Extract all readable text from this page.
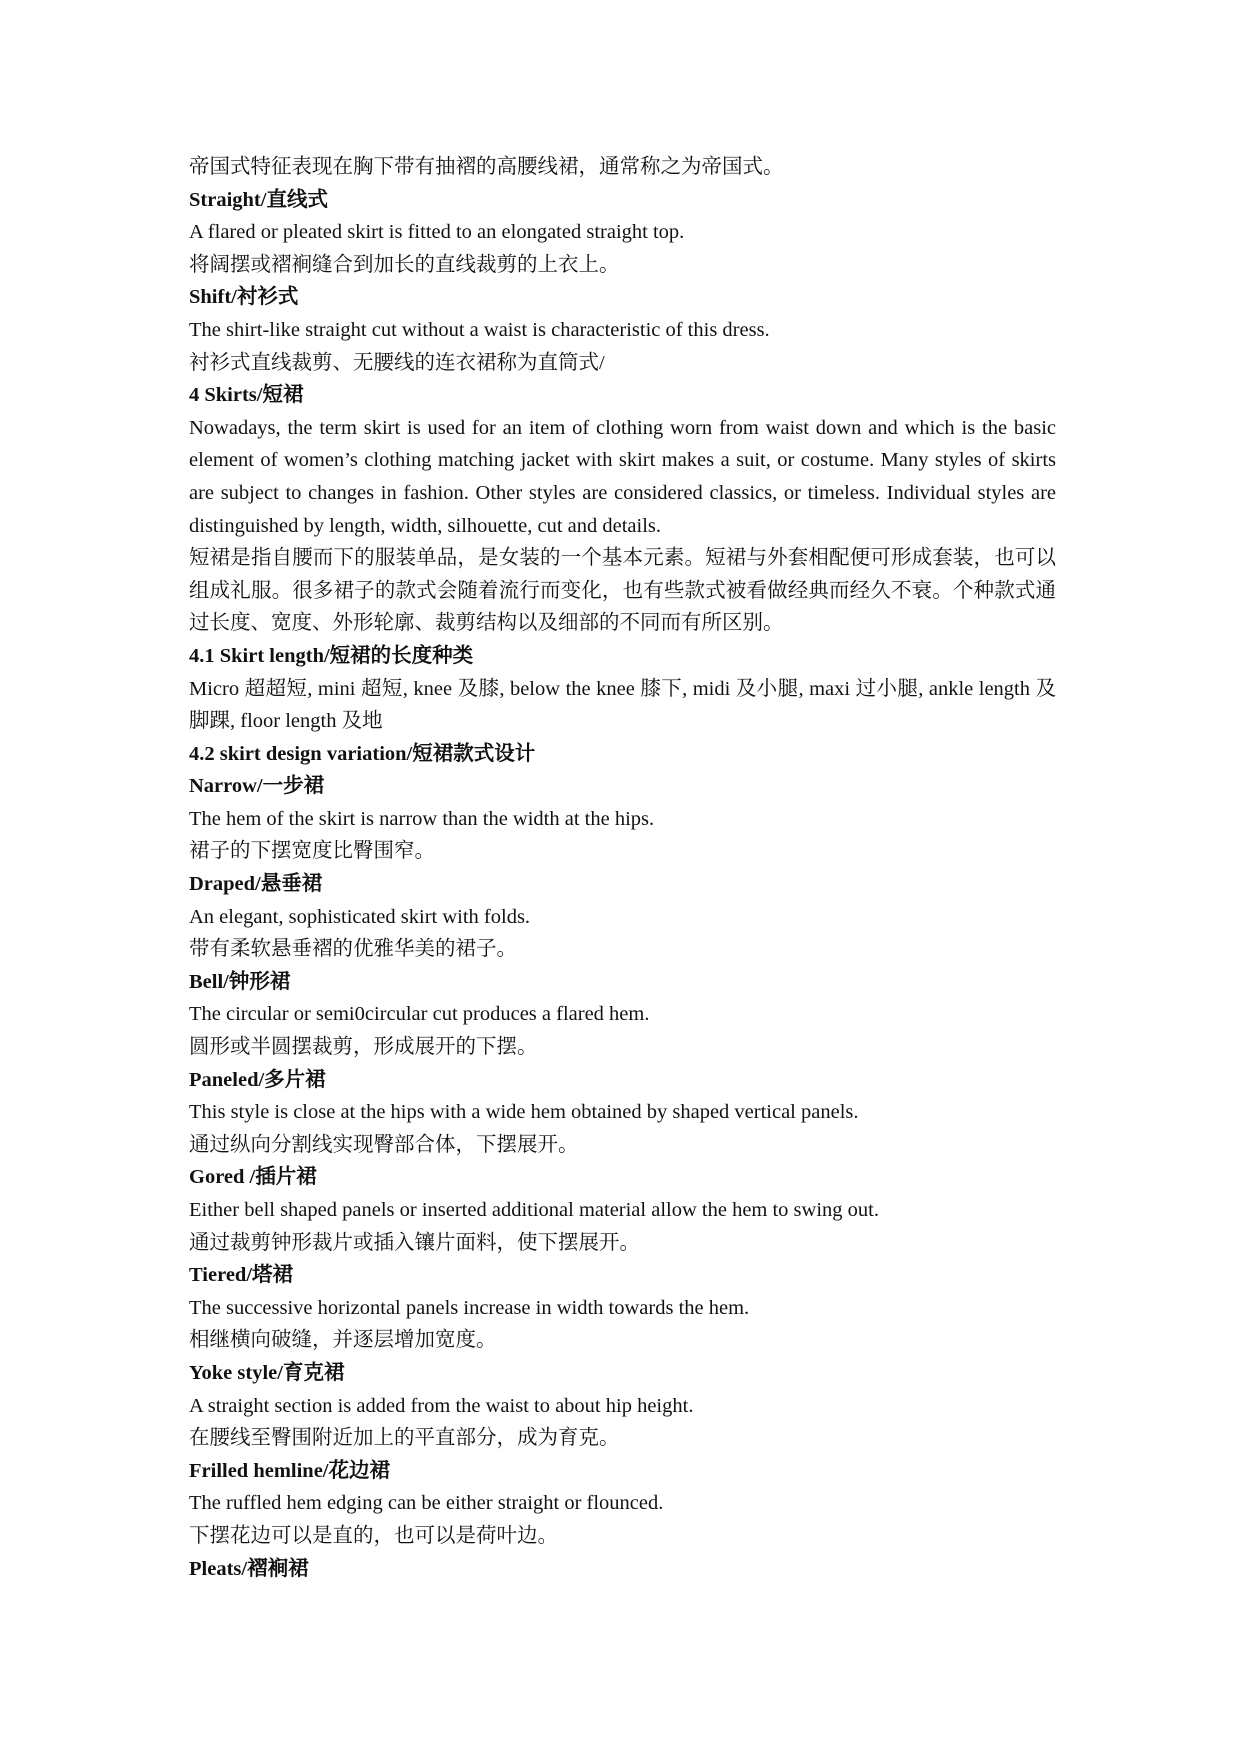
帝国式特征表现在胸下带有抽褶的高腰线裙，通常称之为帝国式。

Straight/直线式

A flared or pleated skirt is fitted to an elongated straight top.

将阔摆或褶裥缝合到加长的直线裁剪的上衣上。

Shift/衬衫式

The shirt-like straight cut without a waist is characteristic of this dress.

衬衫式直线裁剪、无腰线的连衣裙称为直筒式/

4 Skirts/短裙

Nowadays, the term skirt is used for an item of clothing worn from waist down and which is the basic element of women’s clothing matching jacket with skirt makes a suit, or costume. Many styles of skirts are subject to changes in fashion. Other styles are considered classics, or timeless. Individual styles are distinguished by length, width, silhouette, cut and details.

短裙是指自腰而下的服装单品，是女装的一个基本元素。短裙与外套相配便可形成套装，也可以组成礼服。很多裙子的款式会随着流行而变化，也有些款式被看做经典而经久不衰。个种款式通过长度、宽度、外形轮廓、裁剪结构以及细部的不同而有所区别。

4.1 Skirt length/短裙的长度种类

Micro 超超短, mini 超短, knee 及膝, below the knee 膝下, midi 及小腿, maxi 过小腿, ankle length 及脚踝, floor length 及地

4.2 skirt design variation/短裙款式设计

Narrow/一步裙

The hem of the skirt is narrow than the width at the hips.

裙子的下摆宽度比臀围窄。

Draped/悬垂裙

An elegant, sophisticated skirt with folds.

带有柔软悬垂褶的优雅华美的裙子。

Bell/钟形裙

The circular or semi0circular cut produces a flared hem.

圆形或半圆摆裁剪，形成展开的下摆。

Paneled/多片裙

This style is close at the hips with a wide hem obtained by shaped vertical panels.

通过纵向分割线实现臀部合体，下摆展开。

Gored /插片裙

Either bell shaped panels or inserted additional material allow the hem to swing out.

通过裁剪钟形裁片或插入镶片面料，使下摆展开。

Tiered/塔裙

The successive horizontal panels increase in width towards the hem.

相继横向破缝，并逐层增加宽度。

Yoke style/育克裙

A straight section is added from the waist to about hip height.

在腰线至臀围附近加上的平直部分，成为育克。

Frilled hemline/花边裙

The ruffled hem edging can be either straight or flounced.

下摆花边可以是直的，也可以是荷叶边。

Pleats/褶裥裙
